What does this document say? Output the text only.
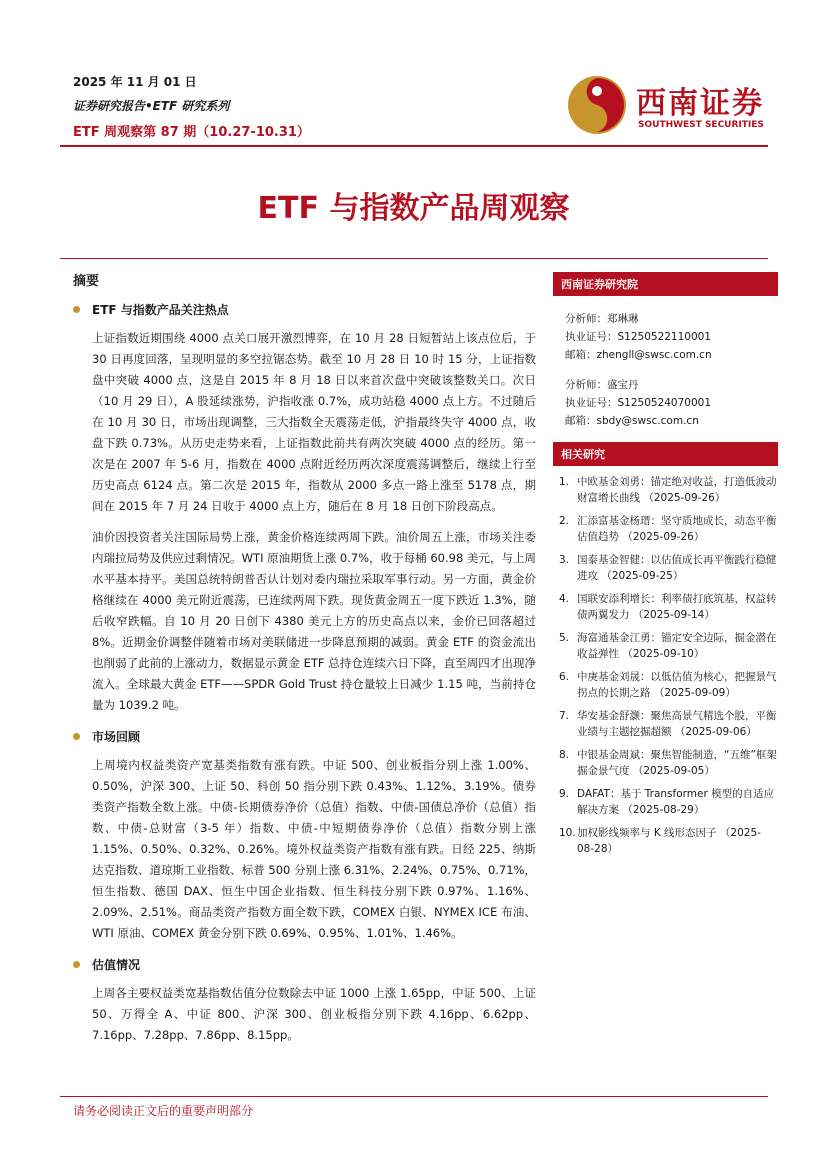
2025 年 11 月 01 日
证券研究报告•ETF 研究系列
ETF 周观察第 87 期（10.27-10.31）
西南证券
SOUTHWEST SECURITIES
ETF 与指数产品周观察
摘要
ETF 与指数产品关注热点

上证指数近期围绕 4000 点关口展开激烈博弈，在 10 月 28 日短暂站上该点位后，于 30 日再度回落，呈现明显的多空拉锯态势。截至 10 月 28 日 10 时 15 分，上证指数盘中突破 4000 点，这是自 2015 年 8 月 18 日以来首次盘中突破该整数关口。次日（10 月 29 日），A 股延续涨势，沪指收涨 0.7%，成功站稳 4000 点上方。不过随后在 10 月 30 日，市场出现调整，三大指数全天震荡走低，沪指最终失守 4000 点，收盘下跌 0.73%。从历史走势来看，上证指数此前共有两次突破 4000 点的经历。第一次是在 2007 年 5-6 月，指数在 4000 点附近经历两次深度震荡调整后，继续上行至历史高点 6124 点。第二次是 2015 年，指数从 2000 多点一路上涨至 5178 点，期间在 2015 年 7 月 24 日收于 4000 点上方，随后在 8 月 18 日创下阶段高点。

油价因投资者关注国际局势上涨，黄金价格连续两周下跌。油价周五上涨，市场关注委内瑞拉局势及供应过剩情况。WTI 原油期货上涨 0.7%，收于每桶 60.98 美元，与上周水平基本持平。美国总统特朗普否认计划对委内瑞拉采取军事行动。另一方面，黄金价格继续在 4000 美元附近震荡，已连续两周下跌。现货黄金周五一度下跌近 1.3%，随后收窄跌幅。自 10 月 20 日创下 4380 美元上方的历史高点以来，金价已回落超过 8%。近期金价调整伴随着市场对美联储进一步降息预期的减弱。黄金 ETF 的资金流出也削弱了此前的上涨动力，数据显示黄金 ETF 总持仓连续六日下降，直至周四才出现净流入。全球最大黄金 ETF——SPDR Gold Trust 持仓量较上日减少 1.15 吨，当前持仓量为 1039.2 吨。

市场回顾

上周境内权益类资产宽基类指数有涨有跌。中证 500、创业板指分别上涨 1.00%、0.50%，沪深 300、上证 50、科创 50 指分别下跌 0.43%、1.12%、3.19%。债券类资产指数全数上涨。中债-长期债券净价（总值）指数、中债-国债总净价（总值）指数、中债-总财富（3-5 年）指数、中债-中短期债券净价（总值）指数分别上涨 1.15%、0.50%、0.32%、0.26%。境外权益类资产指数有涨有跌。日经 225、纳斯达克指数、道琼斯工业指数、标普 500 分别上涨 6.31%、2.24%、0.75%、0.71%，恒生指数、德国 DAX、恒生中国企业指数、恒生科技分别下跌 0.97%、1.16%、2.09%、2.51%。商品类资产指数方面全数下跌，COMEX 白银、NYMEX ICE 布油、WTI 原油、COMEX 黄金分别下跌 0.69%、0.95%、1.01%、1.46%。

估值情况

上周各主要权益类宽基指数估值分位数除去中证 1000 上涨 1.65pp，中证 500、上证 50、万得全 A、中证 800、沪深 300、创业板指分别下跌 4.16pp、6.62pp、7.16pp、7.28pp、7.86pp、8.15pp。

西南证券研究院
分析师：郑琳琳
执业证号：S1250522110001
邮箱：zhengll@swsc.com.cn
分析师：盛宝丹
执业证号：S1250524070001
邮箱：sbdy@swsc.com.cn
相关研究
1. 中欧基金刘勇：锚定绝对收益，打造低波动财富增长曲线 （2025-09-26）
2. 汇添富基金杨瑨：坚守质地成长，动态平衡估值趋势 （2025-09-26）
3. 国泰基金智健：以估值成长再平衡践行稳健进攻 （2025-09-25）
4. 国联安添利增长：利率债打底筑基，权益转债两翼发力 （2025-09-14）
5. 海富通基金江勇：锚定安全边际，掘金潜在收益弹性 （2025-09-10）
6. 中庚基金刘晟：以低估值为核心，把握景气拐点的长期之路 （2025-09-09）
7. 华安基金舒灏：聚焦高景气精选个股，平衡业绩与主题挖掘超额 （2025-09-06）
8. 中银基金周斌：聚焦智能制造，“五维”框架掘金景气度 （2025-09-05）
9. DAFAT：基于 Transformer 模型的自适应解决方案 （2025-08-29）
10. 加权影线频率与 K 线形态因子 （2025-08-28）
请务必阅读正文后的重要声明部分
